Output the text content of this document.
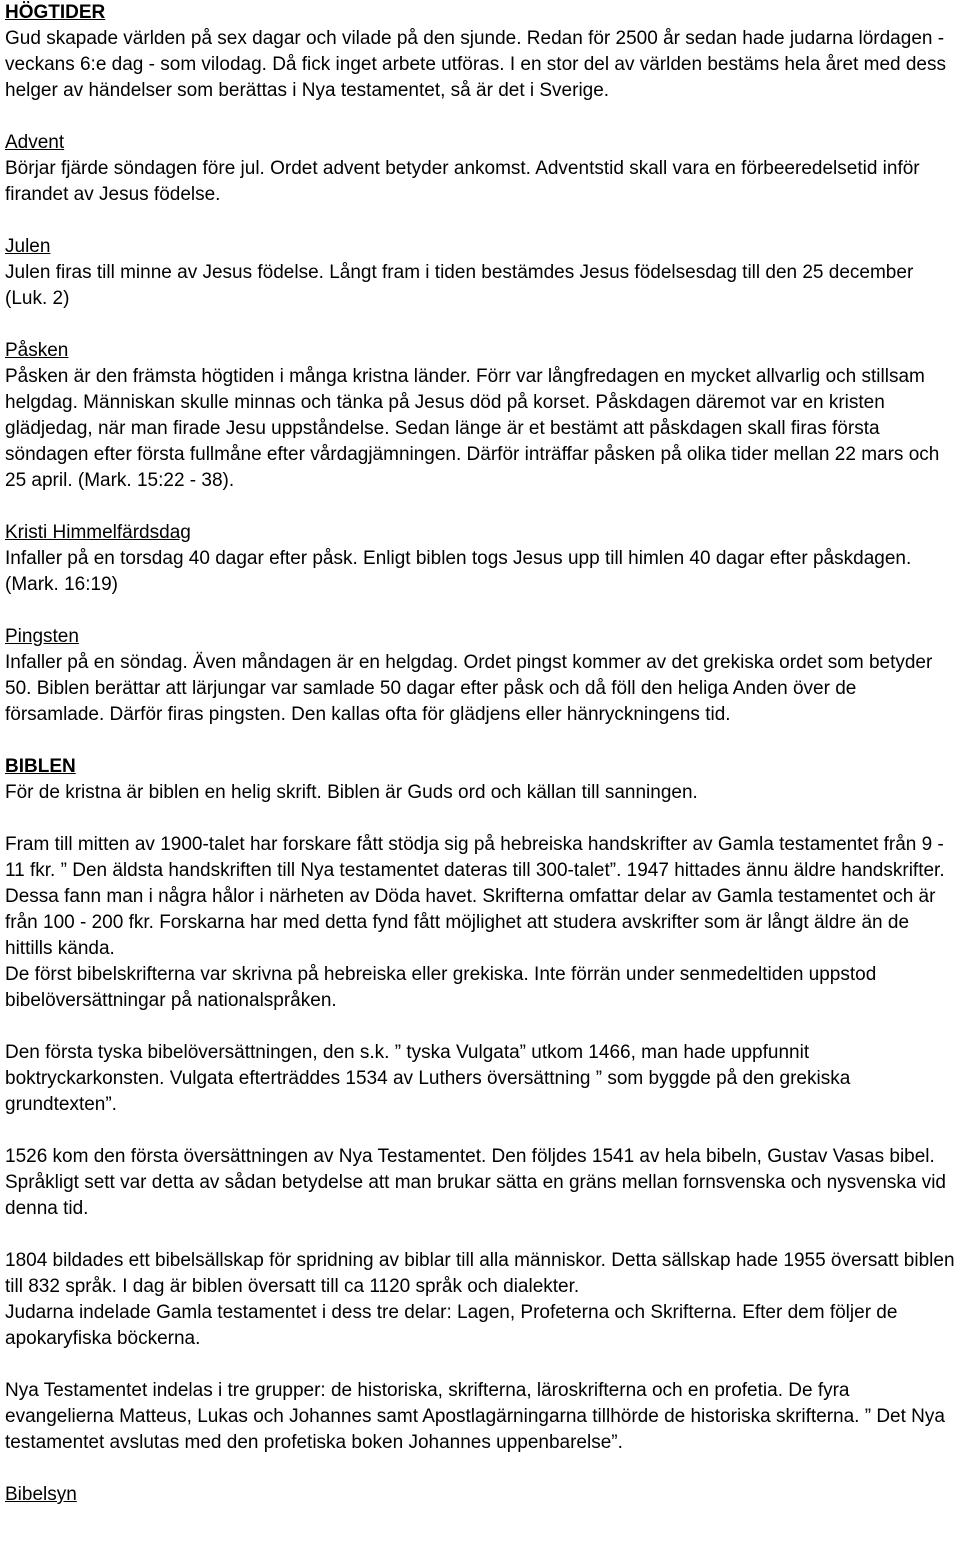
HÖGTIDER

Gud skapade världen på sex dagar och vilade på den sjunde. Redan för 2500 år sedan hade judarna lördagen - veckans 6:e dag - som vilodag. Då fick inget arbete utföras. I en stor del av världen bestäms hela året med dess helger av händelser som berättas i Nya testamentet, så är det i Sverige.

Advent

Börjar fjärde söndagen före jul. Ordet advent betyder ankomst. Adventstid skall vara en förbeeredelsetid inför firandet av Jesus födelse.

Julen

Julen firas till minne av Jesus födelse. Långt fram i tiden bestämdes Jesus födelsesdag till den 25 december (Luk. 2)

Påsken

Påsken är den främsta högtiden i många kristna länder. Förr var långfredagen en mycket allvarlig och stillsam helgdag. Människan skulle minnas och tänka på Jesus död på korset. Påskdagen däremot var en kristen glädjedag, när man firade Jesu uppståndelse. Sedan länge är et bestämt att påskdagen skall firas första söndagen efter första fullmåne efter vårdagjämningen. Därför inträffar påsken på olika tider mellan 22 mars och 25 april. (Mark. 15:22 - 38).

Kristi Himmelfärdsdag

Infaller på en torsdag 40 dagar efter påsk. Enligt biblen togs Jesus upp till himlen 40 dagar efter påskdagen. (Mark. 16:19)

Pingsten

Infaller på en söndag. Även måndagen är en helgdag. Ordet pingst kommer av det grekiska ordet som betyder 50. Biblen berättar att lärjungar var samlade 50 dagar efter påsk och då föll den heliga Anden över de församlade. Därför firas pingsten. Den kallas ofta för glädjens eller hänryckningens tid.

BIBLEN

För de kristna är biblen en helig skrift. Biblen är Guds ord och källan till sanningen.

Fram till mitten av 1900-talet har forskare fått stödja sig på hebreiska handskrifter av Gamla testamentet från 9 - 11 fkr. ” Den äldsta handskriften till Nya testamentet dateras till 300-talet”. 1947 hittades ännu äldre handskrifter. Dessa fann man i några hålor i närheten av Döda havet. Skrifterna omfattar delar av Gamla testamentet och är från 100 - 200 fkr. Forskarna har med detta fynd fått möjlighet att studera avskrifter som är långt äldre än de hittills kända.

De först bibelskrifterna var skrivna på hebreiska eller grekiska. Inte förrän under senmedeltiden uppstod bibelöversättningar på nationalspråken.

Den första tyska bibelöversättningen, den s.k. ” tyska Vulgata” utkom 1466, man hade uppfunnit boktryckarkonsten. Vulgata efterträddes 1534 av Luthers översättning ” som byggde på den grekiska grundtexten”.

1526 kom den första översättningen av Nya Testamentet. Den följdes 1541 av hela bibeln, Gustav Vasas bibel. Språkligt sett var detta av sådan betydelse att man brukar sätta en gräns mellan fornsvenska och nysvenska vid denna tid.

1804 bildades ett bibelsällskap för spridning av biblar till alla människor. Detta sällskap hade 1955 översatt biblen till 832 språk. I dag är biblen översatt till ca 1120 språk och dialekter.

Judarna indelade Gamla testamentet i dess tre delar: Lagen, Profeterna och Skrifterna. Efter dem följer de apokaryfiska böckerna.

Nya Testamentet indelas i tre grupper: de historiska, skrifterna, läroskrifterna och en profetia. De fyra evangelierna Matteus, Lukas och Johannes samt Apostlagärningarna tillhörde de historiska skrifterna. ” Det Nya testamentet avslutas med den profetiska boken Johannes uppenbarelse”.

Bibelsyn
